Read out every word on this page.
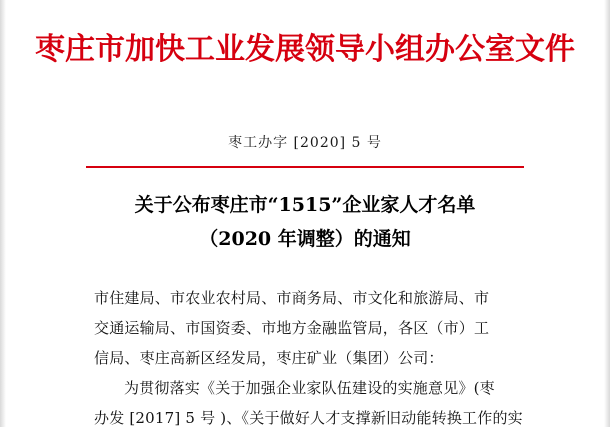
枣庄市加快工业发展领导小组办公室文件
枣工办字 [2020] 5 号
关于公布枣庄市“1515”企业家人才名单
（2020 年调整）的通知
市住建局、市农业农村局、市商务局、市文化和旅游局、市
交通运输局、市国资委、市地方金融监管局，各区（市）工
信局、枣庄高新区经发局，枣庄矿业（集团）公司：
为贯彻落实《关于加强企业家队伍建设的实施意见》(枣
办发 [2017] 5 号 )、《关于做好人才支撑新旧动能转换工作的实
